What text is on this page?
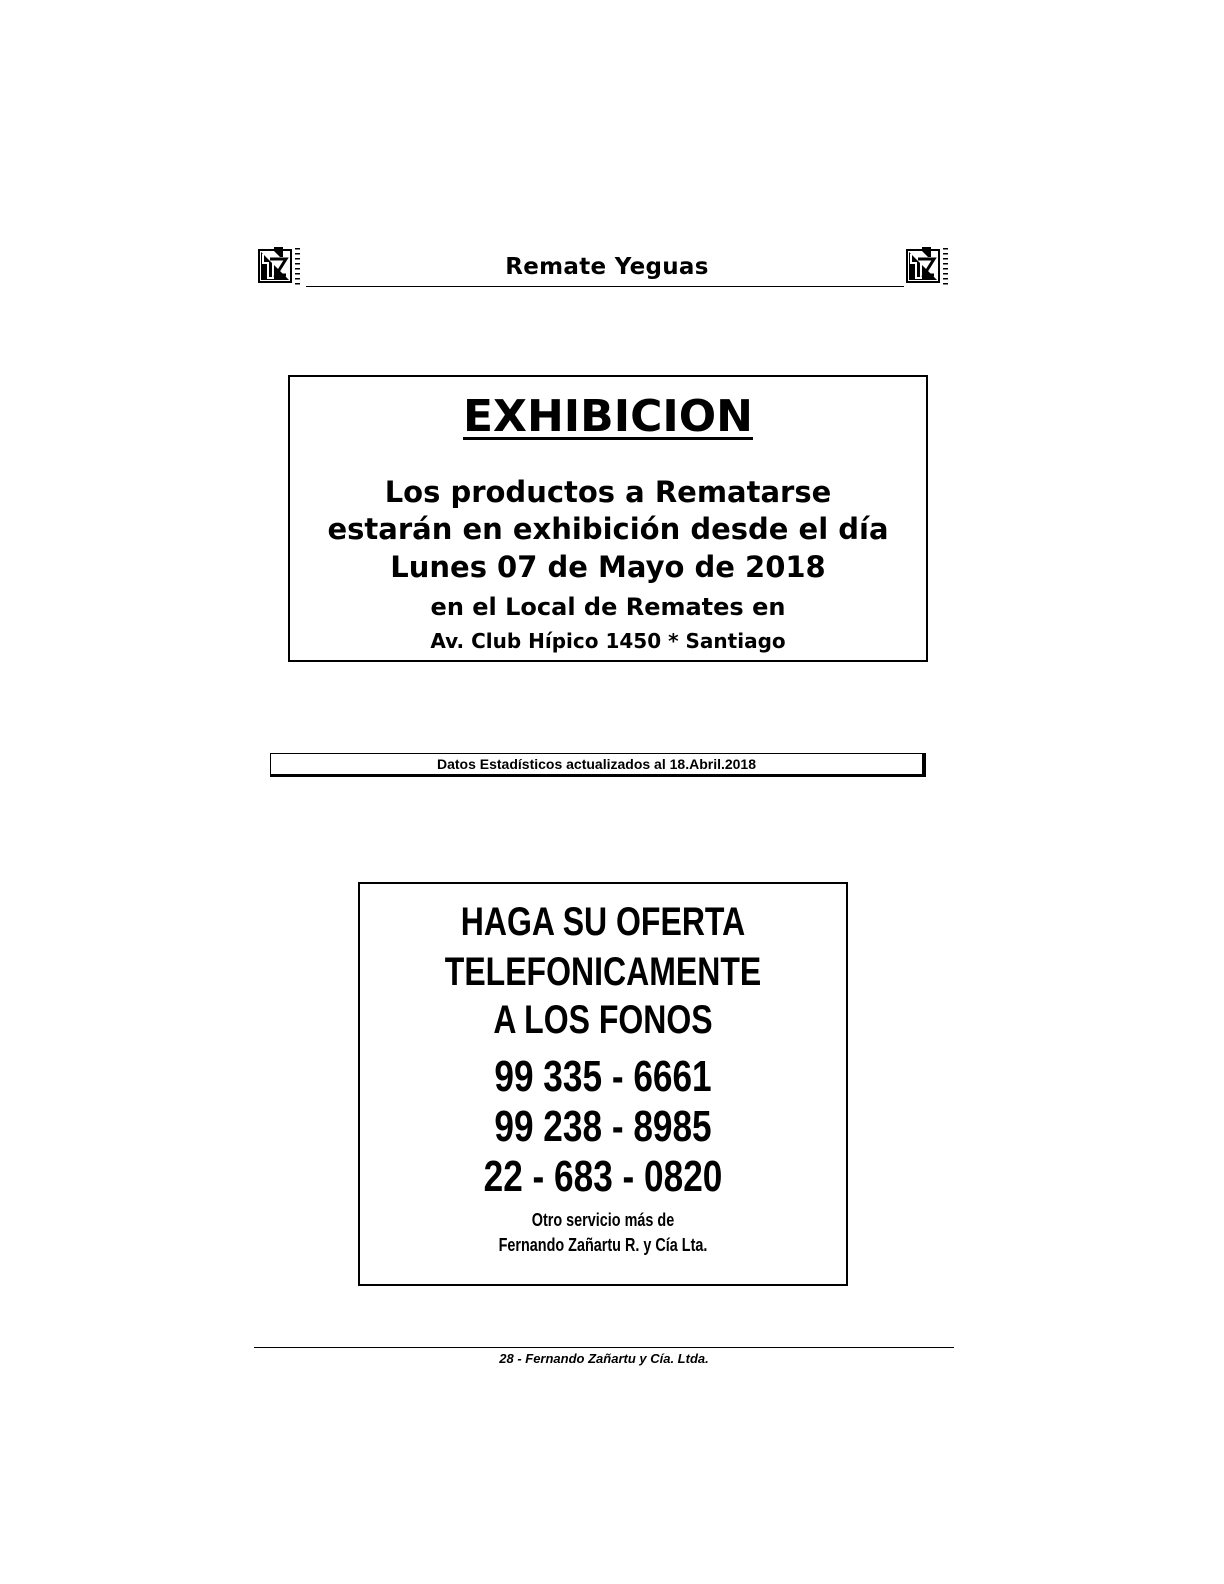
Remate Yeguas
EXHIBICION
Los productos a Rematarse
estarán en exhibición desde el día
Lunes 07 de Mayo de 2018
en el Local de Remates en
Av. Club Hípico 1450 * Santiago
Datos Estadísticos actualizados al 18.Abril.2018
HAGA SU OFERTA
TELEFONICAMENTE
A LOS FONOS
99 335 - 6661
99 238 - 8985
22 - 683 - 0820
Otro servicio más de
Fernando Zañartu R. y Cía Lta.
28 - Fernando Zañartu y Cía. Ltda.
